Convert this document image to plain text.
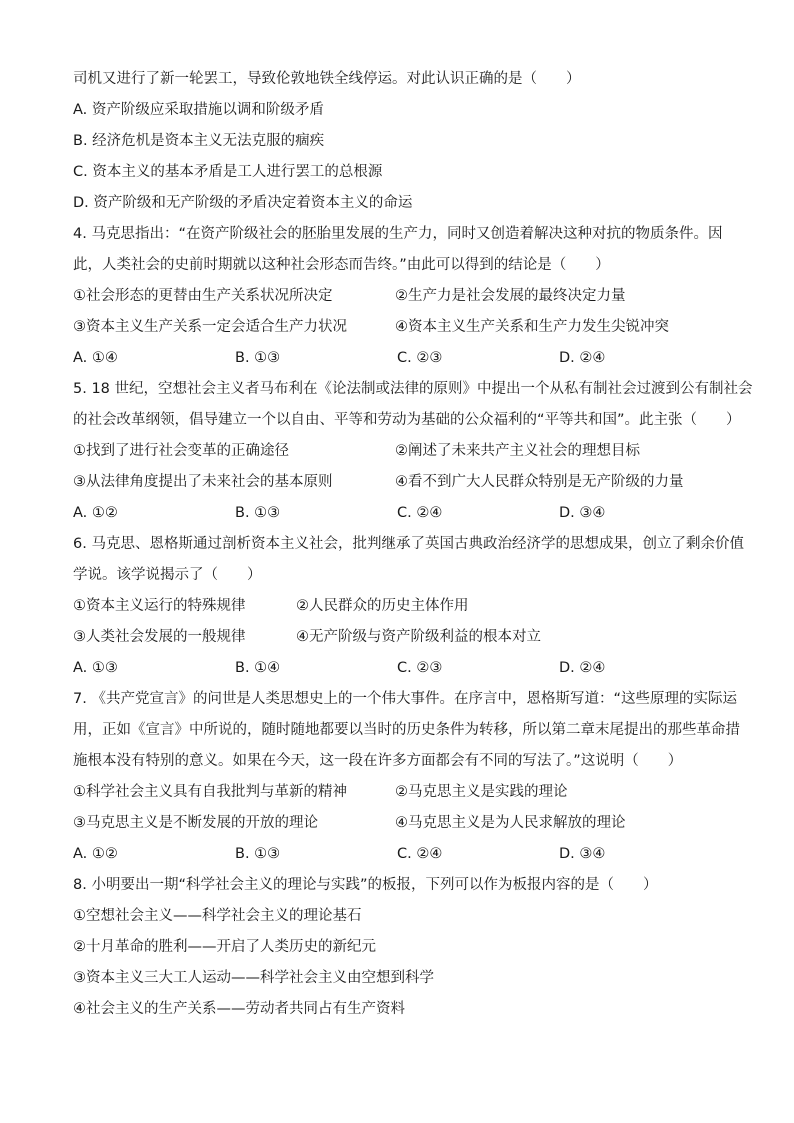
司机又进行了新一轮罢工，导致伦敦地铁全线停运。对此认识正确的是（　　）
A. 资产阶级应采取措施以调和阶级矛盾
B. 经济危机是资本主义无法克服的痼疾
C. 资本主义的基本矛盾是工人进行罢工的总根源
D. 资产阶级和无产阶级的矛盾决定着资本主义的命运
4. 马克思指出：“在资产阶级社会的胚胎里发展的生产力，同时又创造着解决这种对抗的物质条件。因
此，人类社会的史前时期就以这种社会形态而告终。”由此可以得到的结论是（　　）
①社会形态的更替由生产关系状况所决定	②生产力是社会发展的最终决定力量
③资本主义生产关系一定会适合生产力状况	④资本主义生产关系和生产力发生尖锐冲突
A. ①④	B. ①③	C. ②③	D. ②④
5. 18 世纪，空想社会主义者马布利在《论法制或法律的原则》中提出一个从私有制社会过渡到公有制社会
的社会改革纲领，倡导建立一个以自由、平等和劳动为基础的公众福利的“平等共和国”。此主张（　　）
①找到了进行社会变革的正确途径	②阐述了未来共产主义社会的理想目标
③从法律角度提出了未来社会的基本原则	④看不到广大人民群众特别是无产阶级的力量
A. ①②	B. ①③	C. ②④	D. ③④
6. 马克思、恩格斯通过剖析资本主义社会，批判继承了英国古典政治经济学的思想成果，创立了剩余价值
学说。该学说揭示了（　　）
①资本主义运行的特殊规律	②人民群众的历史主体作用
③人类社会发展的一般规律	④无产阶级与资产阶级利益的根本对立
A. ①③	B. ①④	C. ②③	D. ②④
7. 《共产党宣言》的问世是人类思想史上的一个伟大事件。在序言中，恩格斯写道：“这些原理的实际运
用，正如《宣言》中所说的，随时随地都要以当时的历史条件为转移，所以第二章末尾提出的那些革命措
施根本没有特别的意义。如果在今天，这一段在许多方面都会有不同的写法了。”这说明（　　）
①科学社会主义具有自我批判与革新的精神	②马克思主义是实践的理论
③马克思主义是不断发展的开放的理论	④马克思主义是为人民求解放的理论
A. ①②	B. ①③	C. ②④	D. ③④
8. 小明要出一期“科学社会主义的理论与实践”的板报，下列可以作为板报内容的是（　　）
①空想社会主义——科学社会主义的理论基石
②十月革命的胜利——开启了人类历史的新纪元
③资本主义三大工人运动——科学社会主义由空想到科学
④社会主义的生产关系——劳动者共同占有生产资料
